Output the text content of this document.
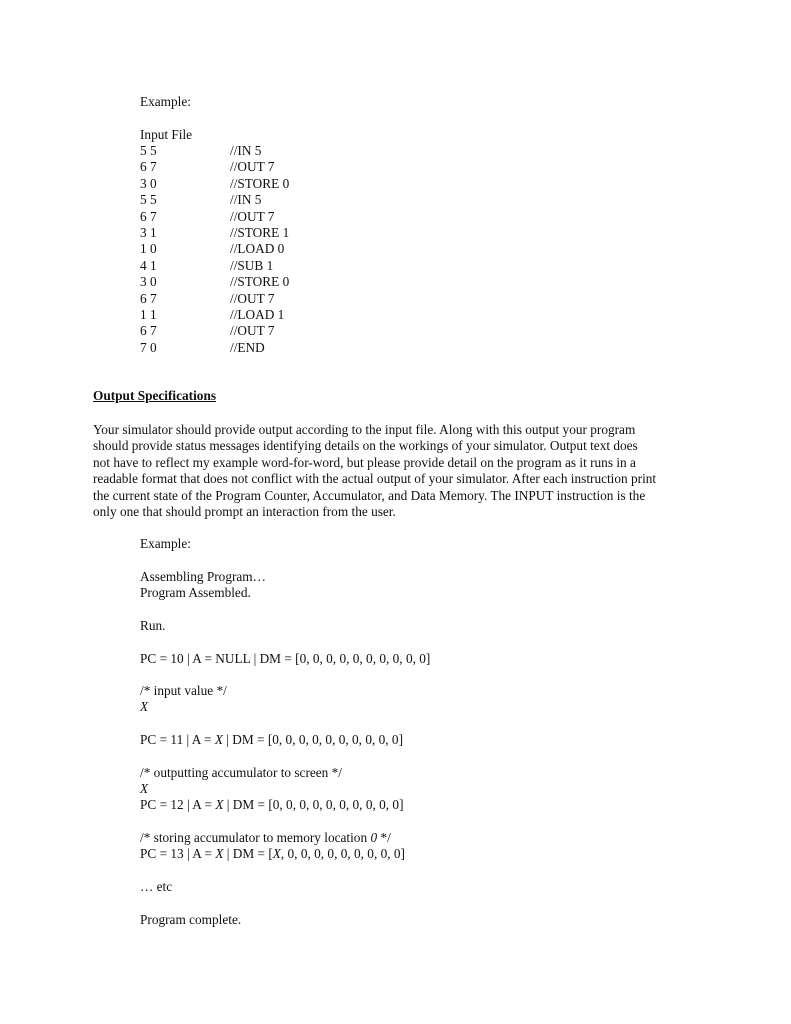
Example:
Input File
5 5	//IN 5
6 7	//OUT 7
3 0	//STORE 0
5 5	//IN 5
6 7	//OUT 7
3 1	//STORE 1
1 0	//LOAD 0
4 1	//SUB 1
3 0	//STORE 0
6 7	//OUT 7
1 1	//LOAD 1
6 7	//OUT 7
7 0	//END
Output Specifications
Your simulator should provide output according to the input file. Along with this output your program
should provide status messages identifying details on the workings of your simulator. Output text does
not have to reflect my example word-for-word, but please provide detail on the program as it runs in a
readable format that does not conflict with the actual output of your simulator. After each instruction print
the current state of the Program Counter, Accumulator, and Data Memory. The INPUT instruction is the
only one that should prompt an interaction from the user.
Example:
Assembling Program…
Program Assembled.
Run.
PC = 10 | A = NULL | DM = [0, 0, 0, 0, 0, 0, 0, 0, 0, 0]
/* input value */
X
PC = 11 | A = X | DM = [0, 0, 0, 0, 0, 0, 0, 0, 0, 0]
/* outputting accumulator to screen */
X
PC = 12 | A = X | DM = [0, 0, 0, 0, 0, 0, 0, 0, 0, 0]
/* storing accumulator to memory location 0 */
PC = 13 | A = X | DM = [X, 0, 0, 0, 0, 0, 0, 0, 0, 0]
… etc
Program complete.
